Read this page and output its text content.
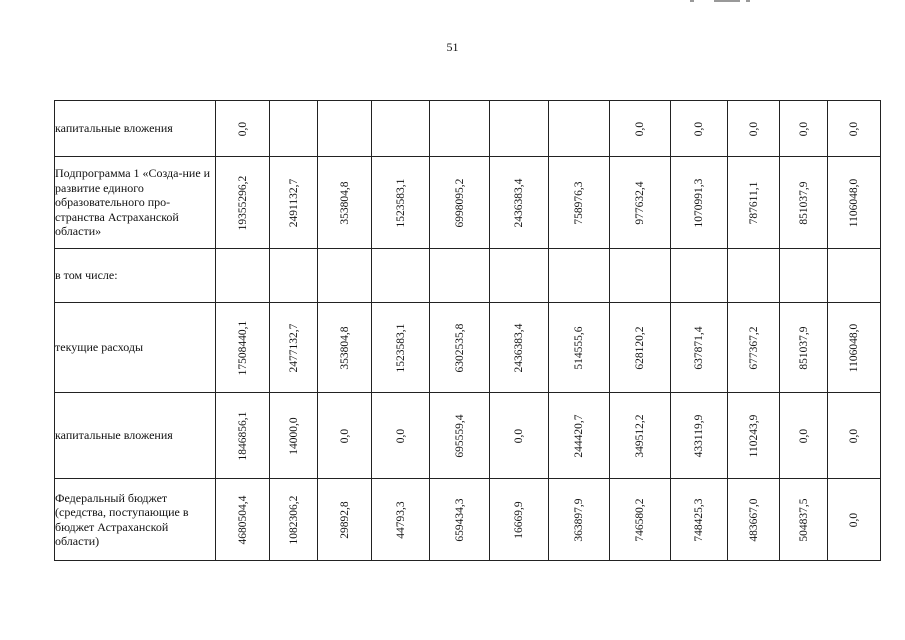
51
капитальные вложения	0,0							0,0	0,0	0,0	0,0	0,0

Подпрограмма 1 «Созда-ние и развитие единого образовательного про-странства Астраханской области»	19355296,2	2491132,7	353804,8	1523583,1	6998095,2	2436383,4	758976,3	977632,4	1070991,3	787611,1	851037,9	1106048,0

в том числе:	

текущие расходы	17508440,1	2477132,7	353804,8	1523583,1	6302535,8	2436383,4	514555,6	628120,2	637871,4	677367,2	851037,9	1106048,0

капитальные вложения	1846856,1	14000,0	0,0	0,0	695559,4	0,0	244420,7	349512,2	433119,9	110243,9	0,0	0,0

Федеральный бюджет (средства, поступающие в бюджет Астраханской области)	4680504,4	1082306,2	29892,8	44793,3	659434,3	16669,9	363897,9	746580,2	748425,3	483667,0	504837,5	0,0
